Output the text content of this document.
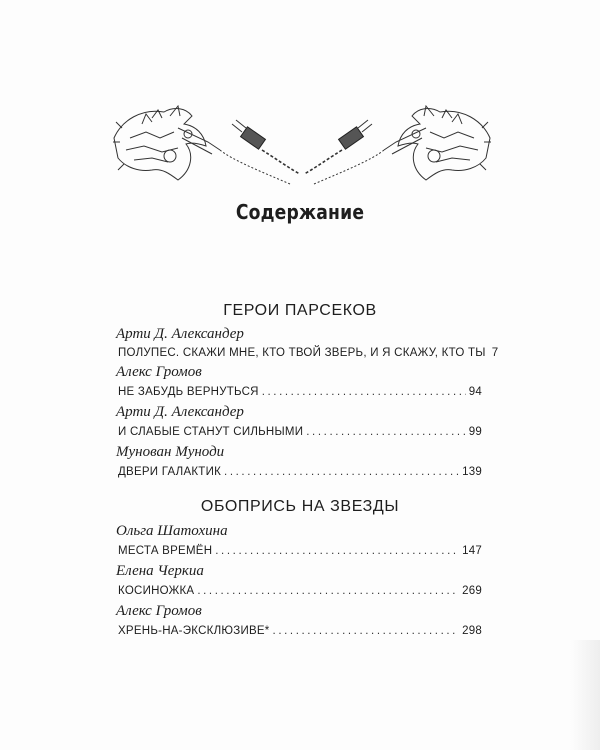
Содержание
ГЕРОИ ПАРСЕКОВ
Арти Д. Александер
ПОЛУПЕС. СКАЖИ МНЕ, КТО ТВОЙ ЗВЕРЬ, И Я СКАЖУ, КТО ТЫ 7
Алекс Громов
НЕ ЗАБУДЬ ВЕРНУТЬСЯ .....	94
Арти Д. Александер
И СЛАБЫЕ СТАНУТ СИЛЬНЫМИ .....	99
Мунован Муноди
ДВЕРИ ГАЛАКТИК .....	139
ОБОПРИСЬ НА ЗВЕЗДЫ
Ольга Шатохина
МЕСТА ВРЕМЁН .....	147
Елена Черкиа
КОСИНОЖКА .....	269
Алекс Громов
ХРЕНЬ-НА-ЭКСКЛЮЗИВЕ* .....	298
